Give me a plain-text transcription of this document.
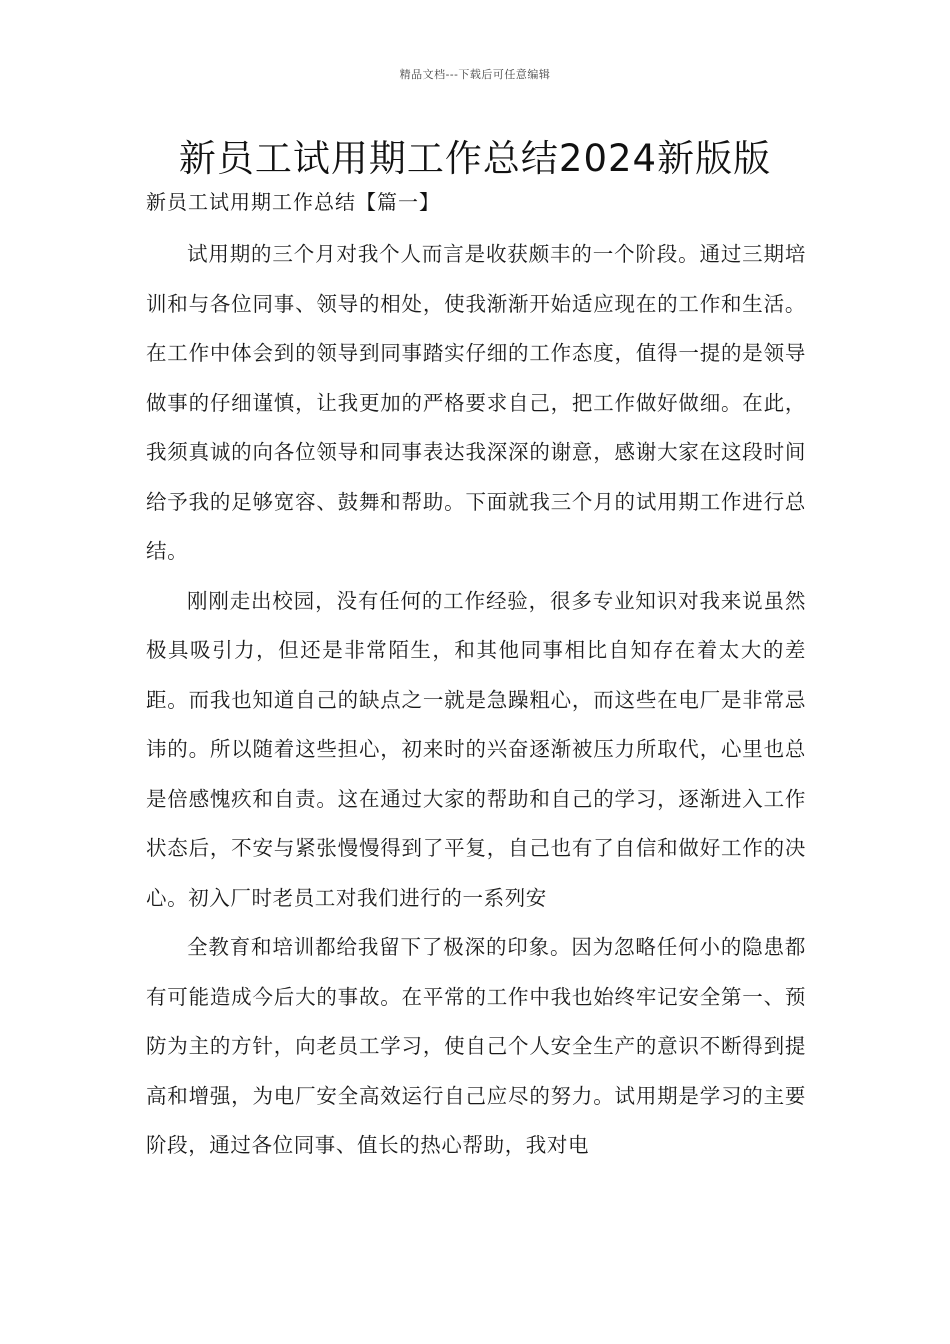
精品文档---下载后可任意编辑
新员工试用期工作总结2024新版版
新员工试用期工作总结【篇一】

试用期的三个月对我个人而言是收获颇丰的一个阶段。通过三期培训和与各位同事、领导的相处，使我渐渐开始适应现在的工作和生活。在工作中体会到的领导到同事踏实仔细的工作态度，值得一提的是领导做事的仔细谨慎，让我更加的严格要求自己，把工作做好做细。在此，我须真诚的向各位领导和同事表达我深深的谢意，感谢大家在这段时间给予我的足够宽容、鼓舞和帮助。下面就我三个月的试用期工作进行总结。

刚刚走出校园，没有任何的工作经验，很多专业知识对我来说虽然极具吸引力，但还是非常陌生，和其他同事相比自知存在着太大的差距。而我也知道自己的缺点之一就是急躁粗心，而这些在电厂是非常忌讳的。所以随着这些担心，初来时的兴奋逐渐被压力所取代，心里也总是倍感愧疚和自责。这在通过大家的帮助和自己的学习，逐渐进入工作状态后，不安与紧张慢慢得到了平复，自己也有了自信和做好工作的决心。初入厂时老员工对我们进行的一系列安

全教育和培训都给我留下了极深的印象。因为忽略任何小的隐患都有可能造成今后大的事故。在平常的工作中我也始终牢记安全第一、预防为主的方针，向老员工学习，使自己个人安全生产的意识不断得到提高和增强，为电厂安全高效运行自己应尽的努力。试用期是学习的主要阶段，通过各位同事、值长的热心帮助，我对电
